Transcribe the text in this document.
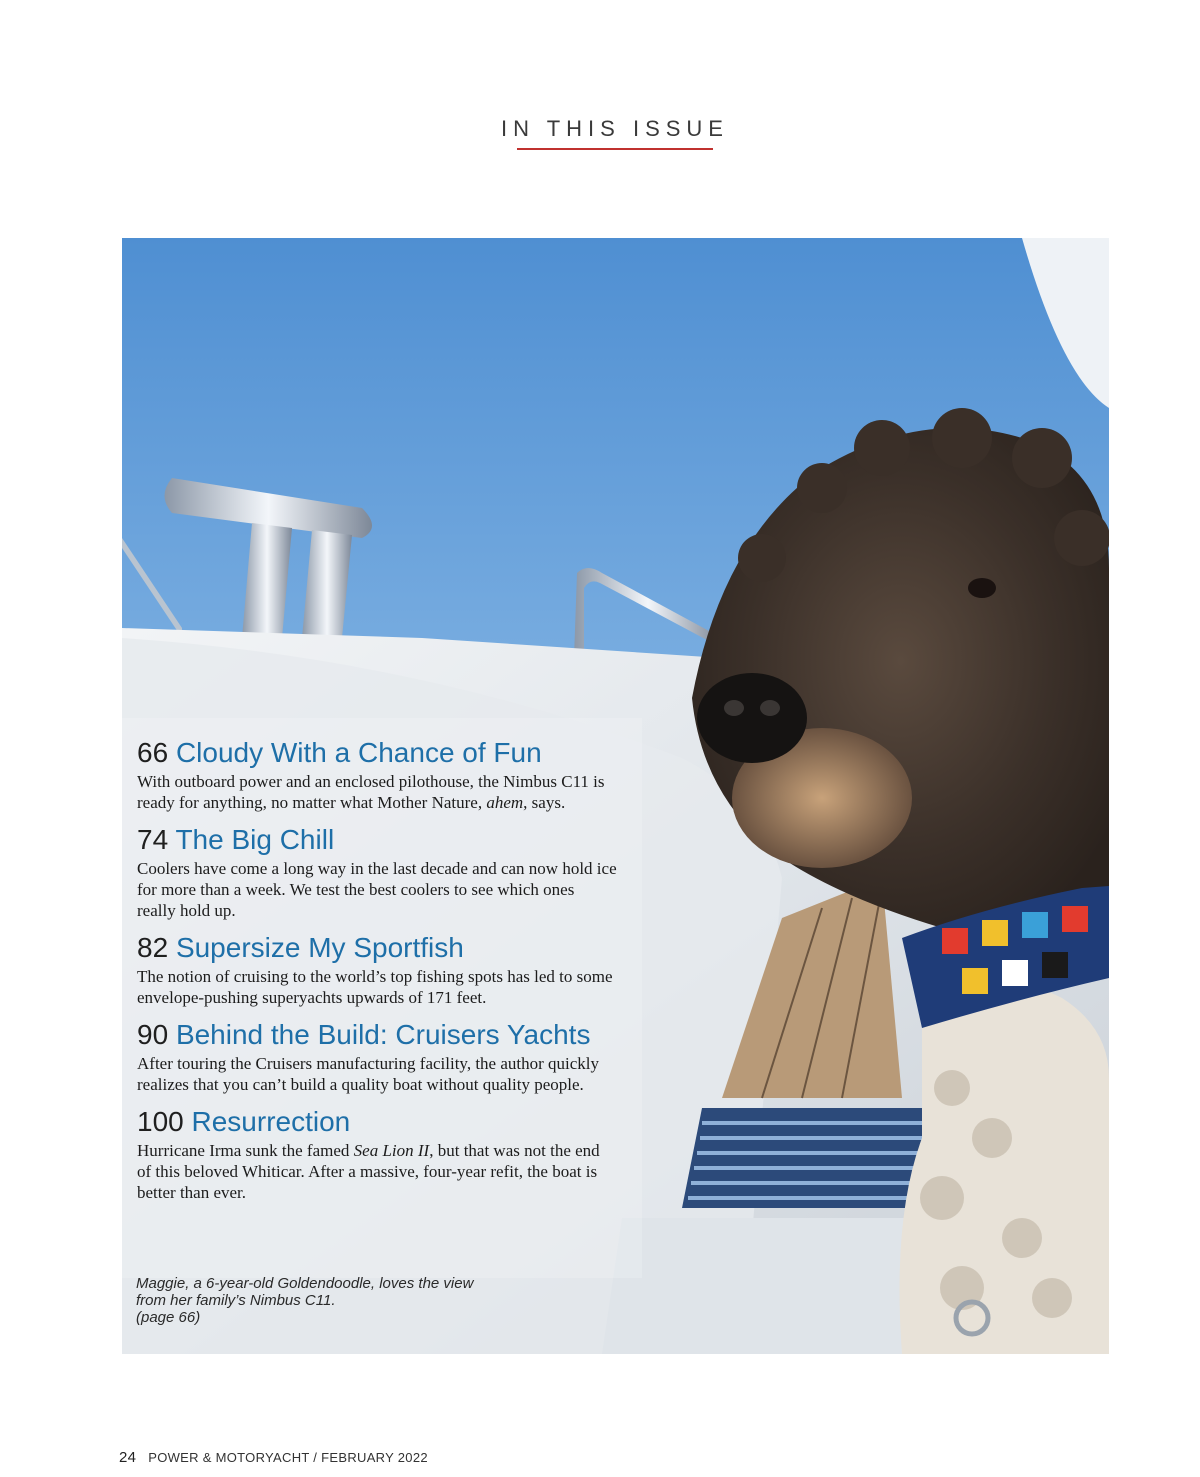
IN THIS ISSUE
66 Cloudy With a Chance of Fun
With outboard power and an enclosed pilothouse, the Nimbus C11 is ready for anything, no matter what Mother Nature, ahem, says.
74 The Big Chill
Coolers have come a long way in the last decade and can now hold ice for more than a week. We test the best coolers to see which ones really hold up.
82 Supersize My Sportfish
The notion of cruising to the world’s top fishing spots has led to some envelope-pushing superyachts upwards of 171 feet.
90 Behind the Build: Cruisers Yachts
After touring the Cruisers manufacturing facility, the author quickly realizes that you can’t build a quality boat without quality people.
100 Resurrection
Hurricane Irma sunk the famed Sea Lion II, but that was not the end of this beloved Whiticar. After a massive, four-year refit, the boat is better than ever.
Maggie, a 6-year-old Goldendoodle, loves the view
from her family’s Nimbus C11.
(page 66)
24 POWER & MOTORYACHT / FEBRUARY 2022
